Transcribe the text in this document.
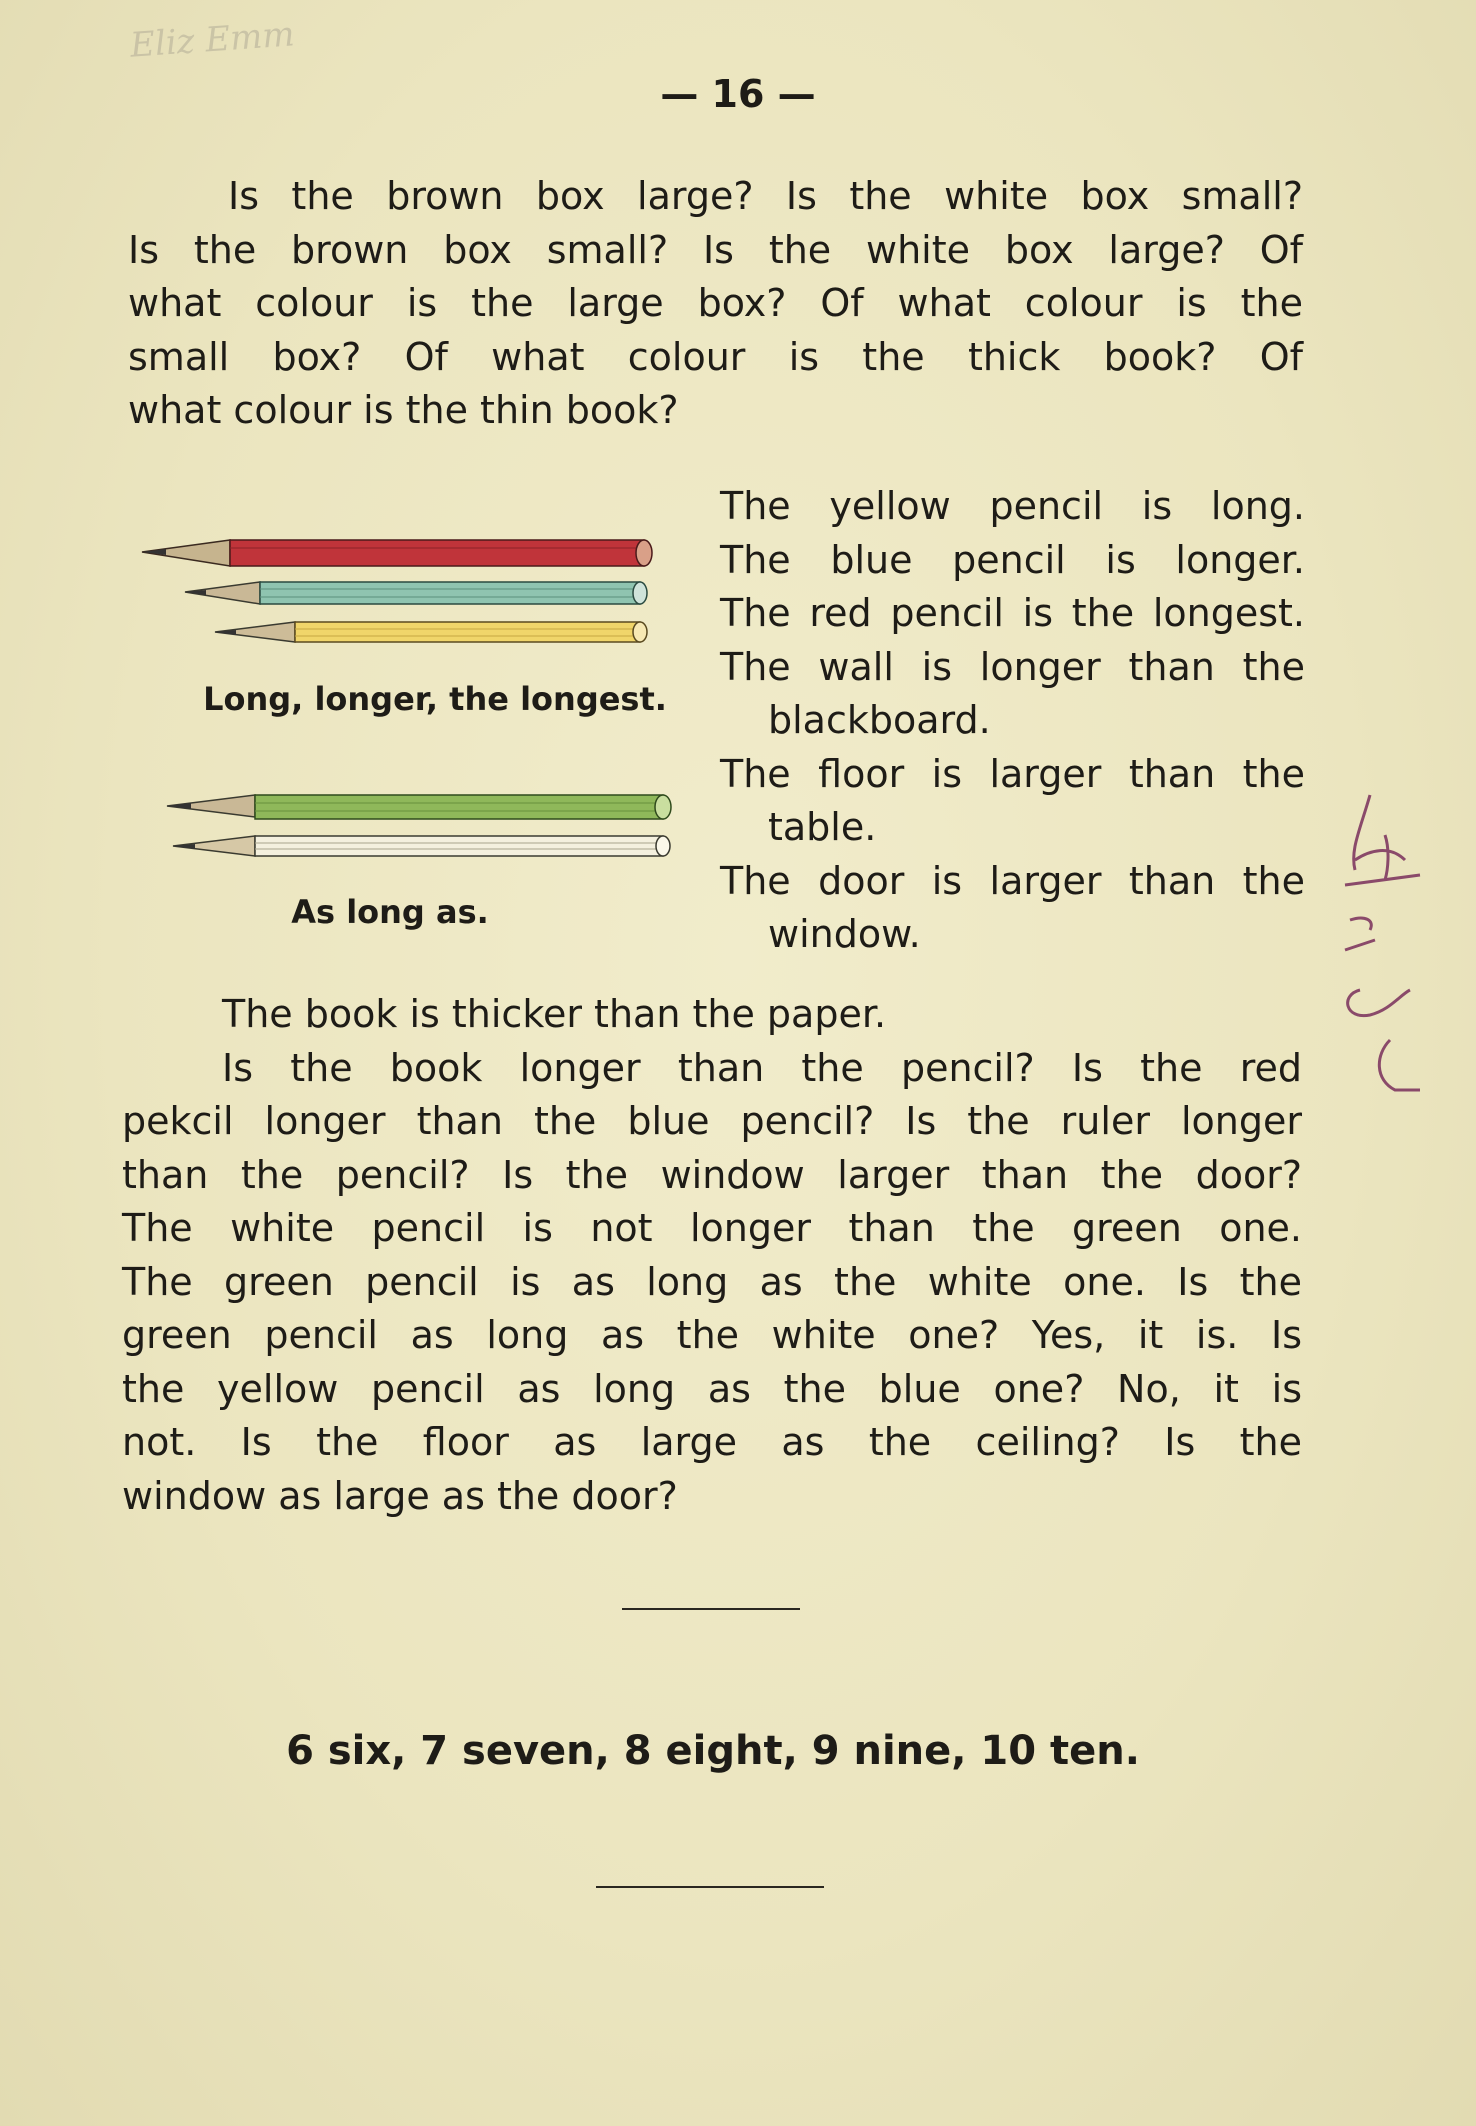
Eliz Emm
— 16 —
Is the brown box large? Is the white box small?
Is the brown box small? Is the white box large? Of
what colour is the large box? Of what colour is the
small box? Of what colour is the thick book? Of
what colour is the thin book?
Long, longer, the longest.
As long as.
The yellow pencil is long.
The blue pencil is longer.
The red pencil is the longest.
The wall is longer than the
blackboard.
The floor is larger than the
table.
The door is larger than the
window.
The book is thicker than the paper.
Is the book longer than the pencil? Is the red
pekcil longer than the blue pencil? Is the ruler longer
than the pencil? Is the window larger than the door?
The white pencil is not longer than the green one.
The green pencil is as long as the white one. Is the
green pencil as long as the white one? Yes, it is. Is
the yellow pencil as long as the blue one? No, it is
not. Is the floor as large as the ceiling? Is the
window as large as the door?
6 six, 7 seven, 8 eight, 9 nine, 10 ten.
